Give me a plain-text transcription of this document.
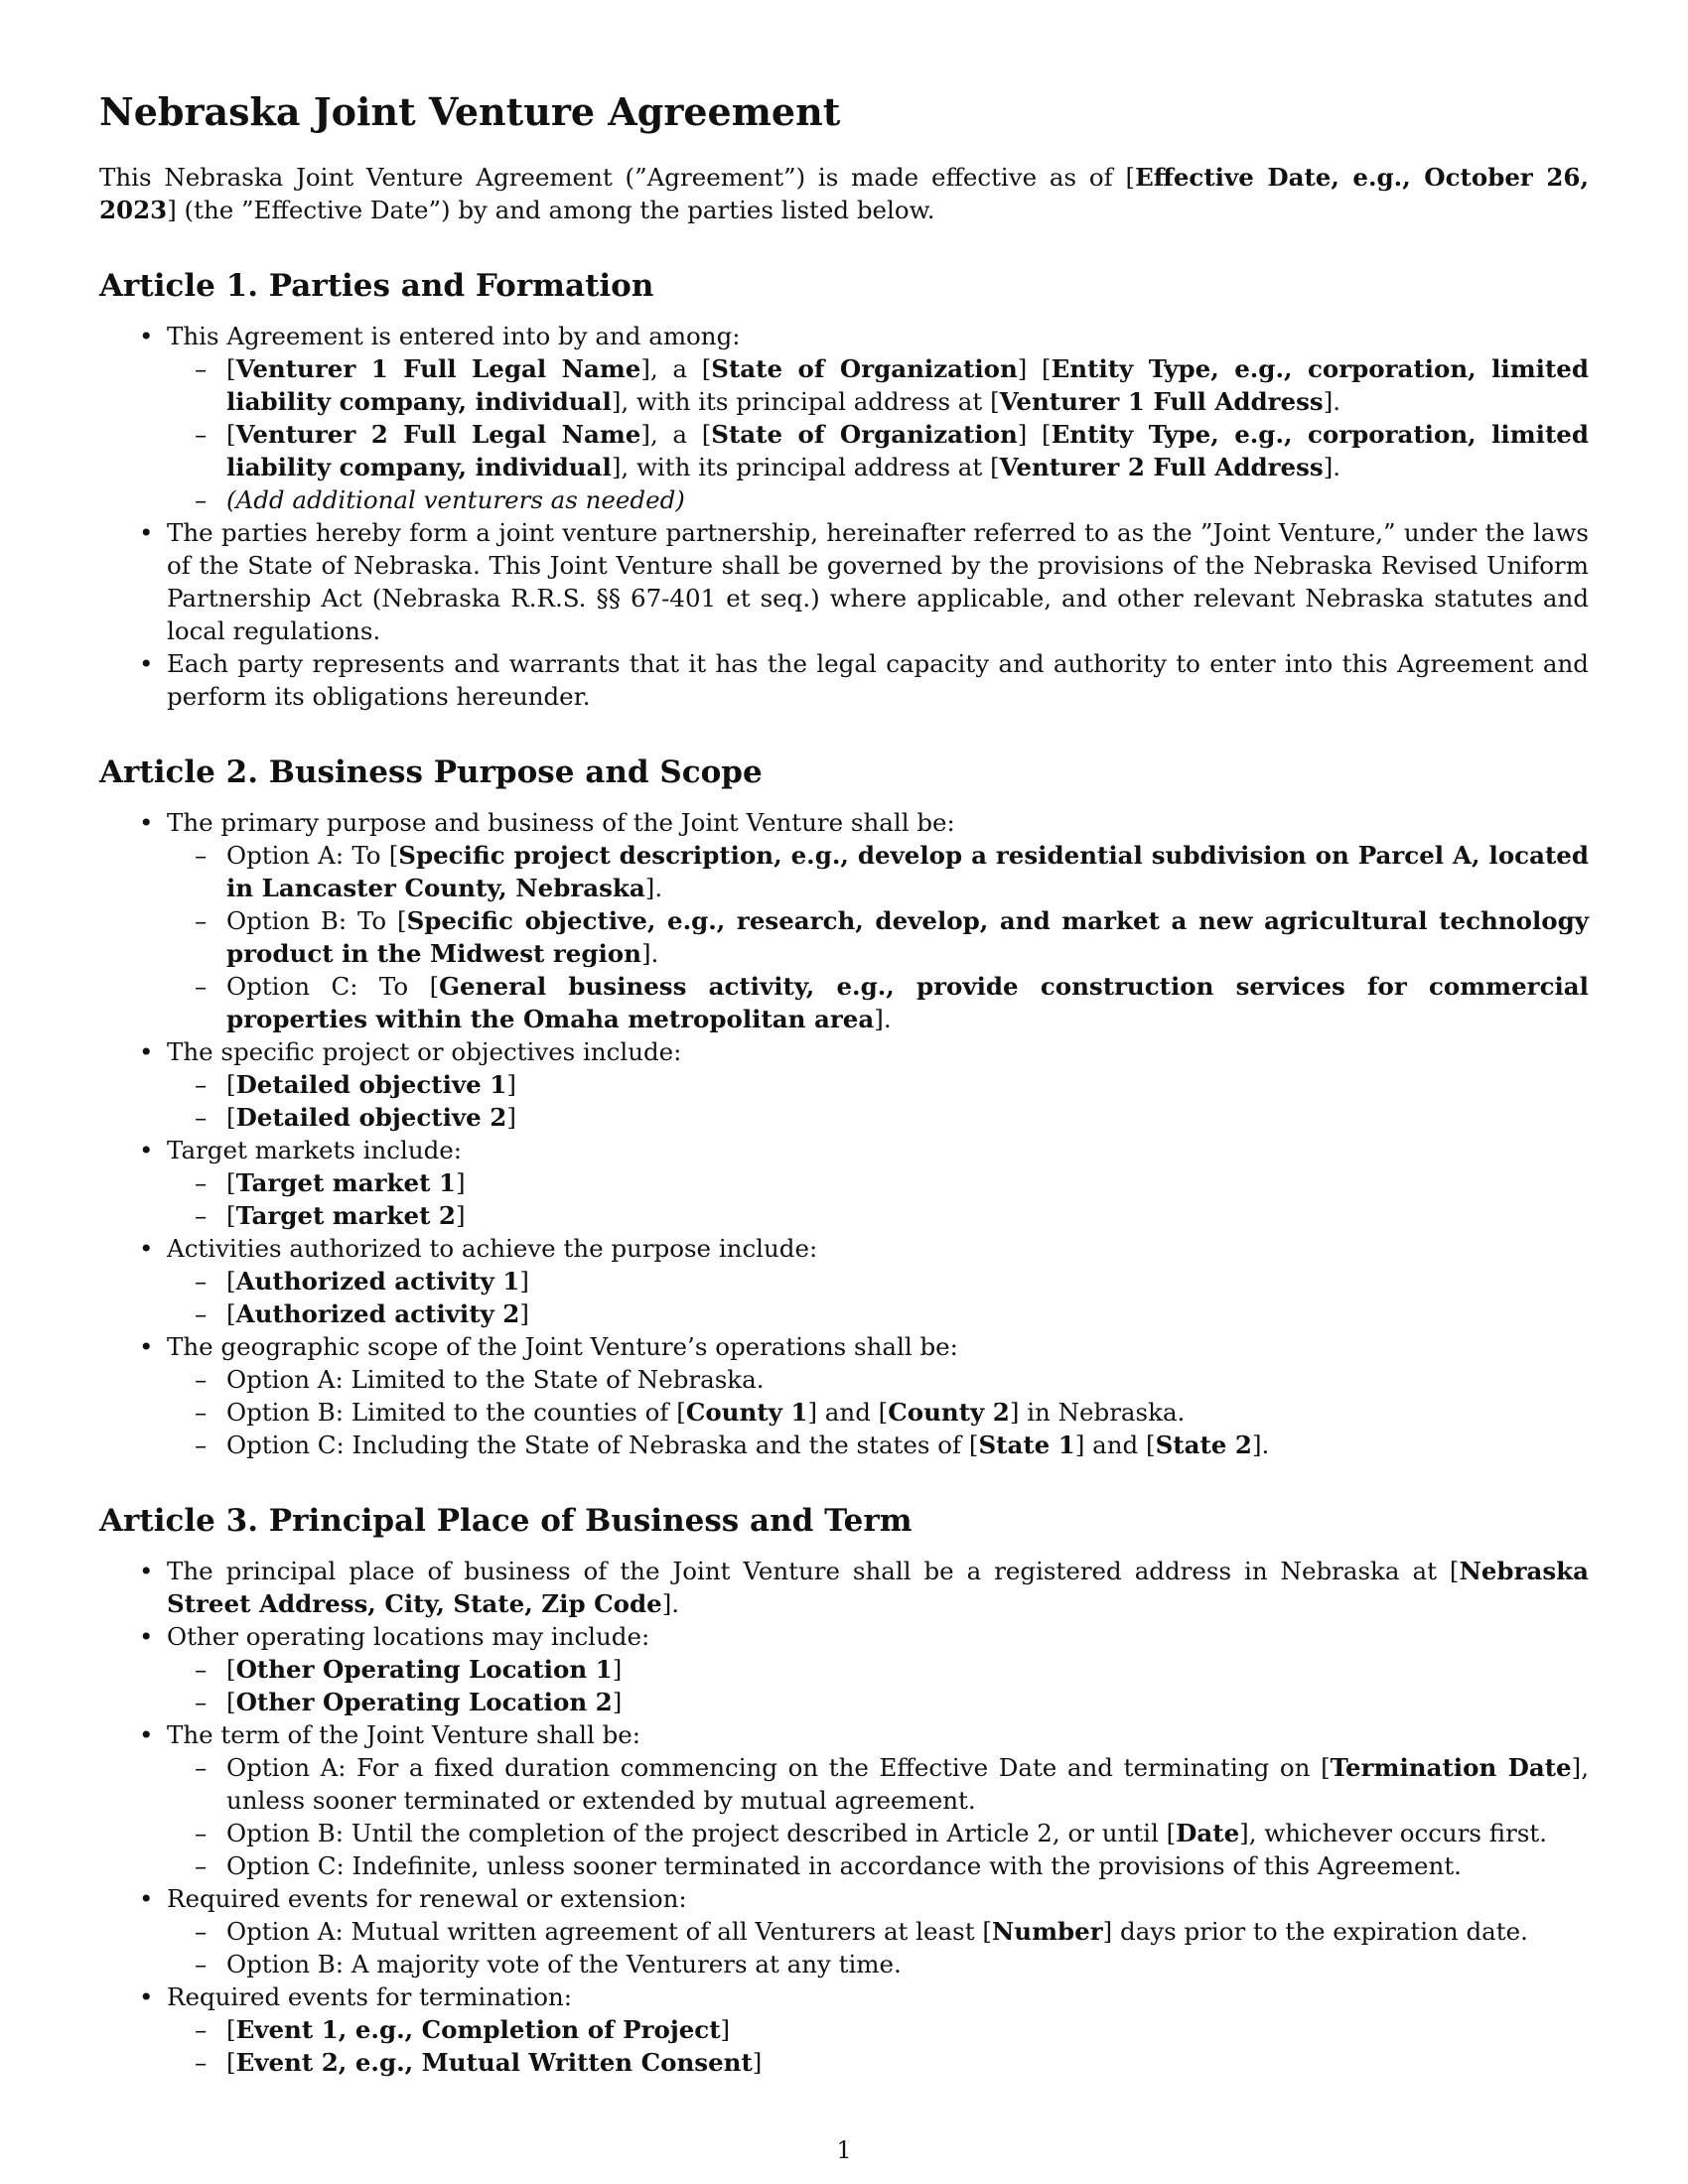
Nebraska Joint Venture Agreement

This Nebraska Joint Venture Agreement (”Agreement”) is made effective as of [Effective Date, e.g., October 26, 2023] (the ”Effective Date”) by and among the parties listed below.

Article 1. Parties and Formation
• This Agreement is entered into by and among:
– [Venturer 1 Full Legal Name], a [State of Organization] [Entity Type, e.g., corporation, limited liability company, individual], with its principal address at [Venturer 1 Full Address].
– [Venturer 2 Full Legal Name], a [State of Organization] [Entity Type, e.g., corporation, limited liability company, individual], with its principal address at [Venturer 2 Full Address].
– (Add additional venturers as needed)
• The parties hereby form a joint venture partnership, hereinafter referred to as the ”Joint Venture,” under the laws of the State of Nebraska. This Joint Venture shall be governed by the provisions of the Nebraska Revised Uniform Partnership Act (Nebraska R.R.S. §§ 67-401 et seq.) where applicable, and other relevant Nebraska statutes and local regulations.
• Each party represents and warrants that it has the legal capacity and authority to enter into this Agreement and perform its obligations hereunder.
Article 2. Business Purpose and Scope
• The primary purpose and business of the Joint Venture shall be:
– Option A: To [Specific project description, e.g., develop a residential subdivision on Parcel A, located in Lancaster County, Nebraska].
– Option B: To [Specific objective, e.g., research, develop, and market a new agricultural technology product in the Midwest region].
– Option C: To [General business activity, e.g., provide construction services for commercial properties within the Omaha metropolitan area].
• The specific project or objectives include:
– [Detailed objective 1]
– [Detailed objective 2]
• Target markets include:
– [Target market 1]
– [Target market 2]
• Activities authorized to achieve the purpose include:
– [Authorized activity 1]
– [Authorized activity 2]
• The geographic scope of the Joint Venture’s operations shall be:
– Option A: Limited to the State of Nebraska.
– Option B: Limited to the counties of [County 1] and [County 2] in Nebraska.
– Option C: Including the State of Nebraska and the states of [State 1] and [State 2].
Article 3. Principal Place of Business and Term
• The principal place of business of the Joint Venture shall be a registered address in Nebraska at [Nebraska Street Address, City, State, Zip Code].
• Other operating locations may include:
– [Other Operating Location 1]
– [Other Operating Location 2]
• The term of the Joint Venture shall be:
– Option A: For a fixed duration commencing on the Effective Date and terminating on [Termination Date], unless sooner terminated or extended by mutual agreement.
– Option B: Until the completion of the project described in Article 2, or until [Date], whichever occurs first.
– Option C: Indefinite, unless sooner terminated in accordance with the provisions of this Agreement.
• Required events for renewal or extension:
– Option A: Mutual written agreement of all Venturers at least [Number] days prior to the expiration date.
– Option B: A majority vote of the Venturers at any time.
• Required events for termination:
– [Event 1, e.g., Completion of Project]
– [Event 2, e.g., Mutual Written Consent]
1
